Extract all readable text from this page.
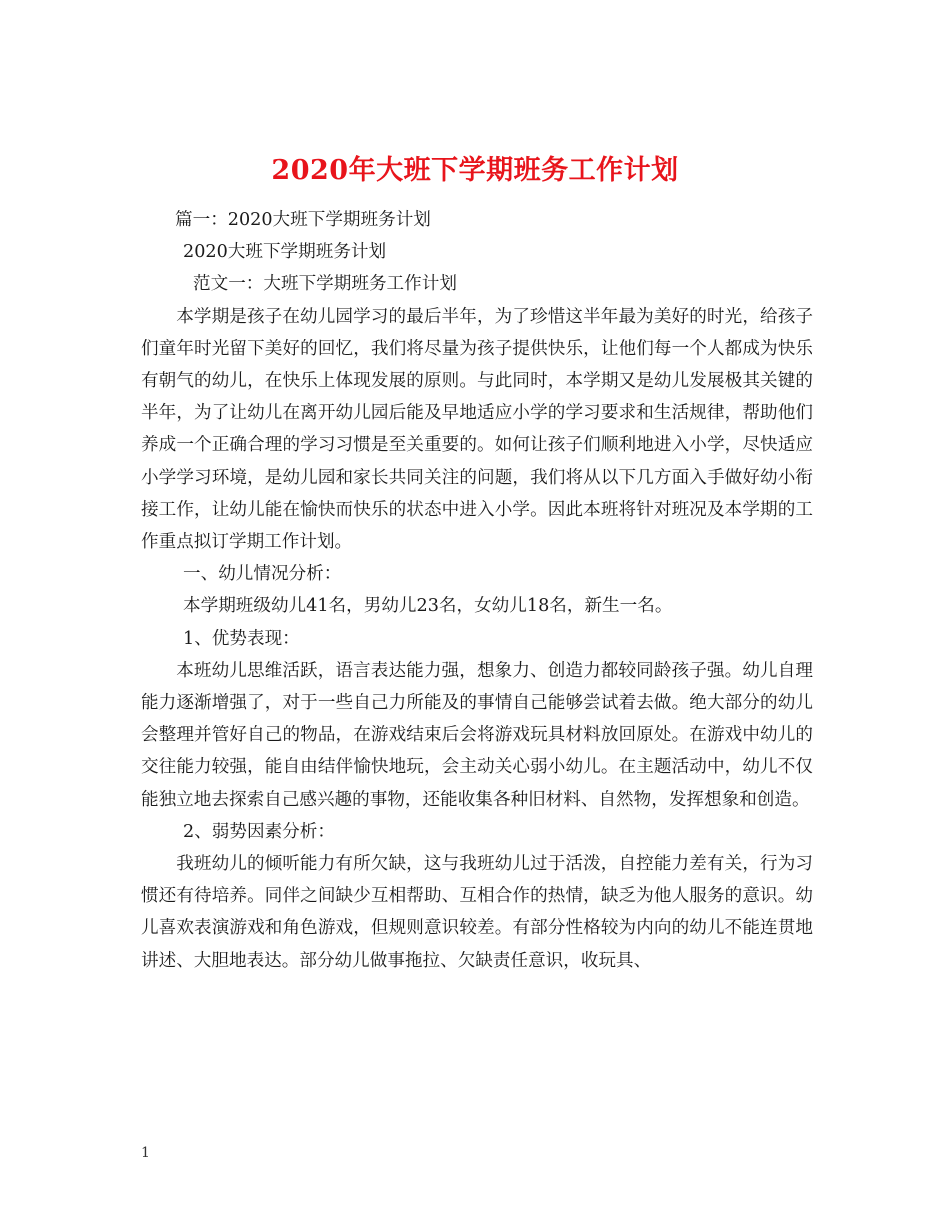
2020年大班下学期班务工作计划

篇一：2020大班下学期班务计划

2020大班下学期班务计划

范文一：大班下学期班务工作计划

本学期是孩子在幼儿园学习的最后半年，为了珍惜这半年最为美好的时光，给孩子们童年时光留下美好的回忆，我们将尽量为孩子提供快乐，让他们每一个人都成为快乐有朝气的幼儿，在快乐上体现发展的原则。与此同时，本学期又是幼儿发展极其关键的半年，为了让幼儿在离开幼儿园后能及早地适应小学的学习要求和生活规律，帮助他们养成一个正确合理的学习习惯是至关重要的。如何让孩子们顺利地进入小学，尽快适应小学学习环境，是幼儿园和家长共同关注的问题，我们将从以下几方面入手做好幼小衔接工作，让幼儿能在愉快而快乐的状态中进入小学。因此本班将针对班况及本学期的工作重点拟订学期工作计划。

一、幼儿情况分析：

本学期班级幼儿41名，男幼儿23名，女幼儿18名，新生一名。

1、优势表现：

本班幼儿思维活跃，语言表达能力强，想象力、创造力都较同龄孩子强。幼儿自理能力逐渐增强了，对于一些自己力所能及的事情自己能够尝试着去做。绝大部分的幼儿会整理并管好自己的物品，在游戏结束后会将游戏玩具材料放回原处。在游戏中幼儿的交往能力较强，能自由结伴愉快地玩，会主动关心弱小幼儿。在主题活动中，幼儿不仅能独立地去探索自己感兴趣的事物，还能收集各种旧材料、自然物，发挥想象和创造。

2、弱势因素分析：

我班幼儿的倾听能力有所欠缺，这与我班幼儿过于活泼，自控能力差有关，行为习惯还有待培养。同伴之间缺少互相帮助、互相合作的热情，缺乏为他人服务的意识。幼儿喜欢表演游戏和角色游戏，但规则意识较差。有部分性格较为内向的幼儿不能连贯地讲述、大胆地表达。部分幼儿做事拖拉、欠缺责任意识，收玩具、

1
